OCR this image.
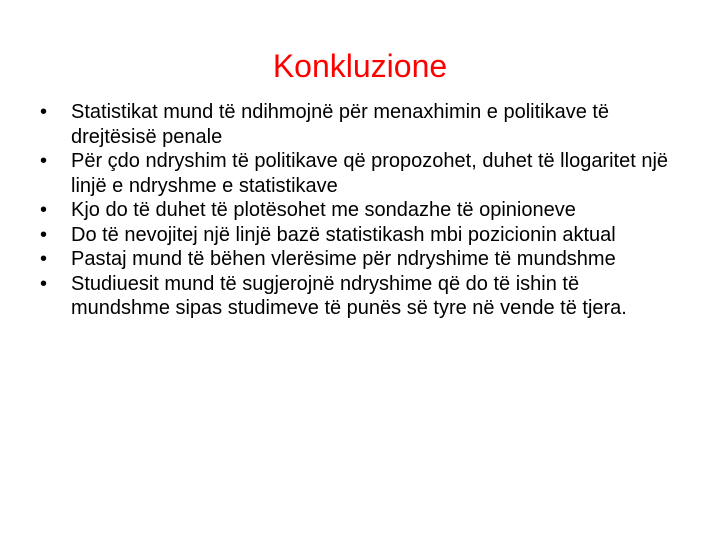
Konkluzione
•	Statistikat mund të ndihmojnë për menaxhimin e politikave të drejtësisë penale
•	Për çdo ndryshim të politikave që propozohet, duhet të llogaritet një linjë e ndryshme e statistikave
•	Kjo do të duhet të plotësohet me sondazhe të opinioneve
•	Do të nevojitej një linjë bazë statistikash mbi pozicionin aktual
•	Pastaj mund të bëhen vlerësime për ndryshime të mundshme
•	Studiuesit mund të sugjerojnë ndryshime që do të ishin të mundshme sipas studimeve të punës së tyre në vende të tjera.
